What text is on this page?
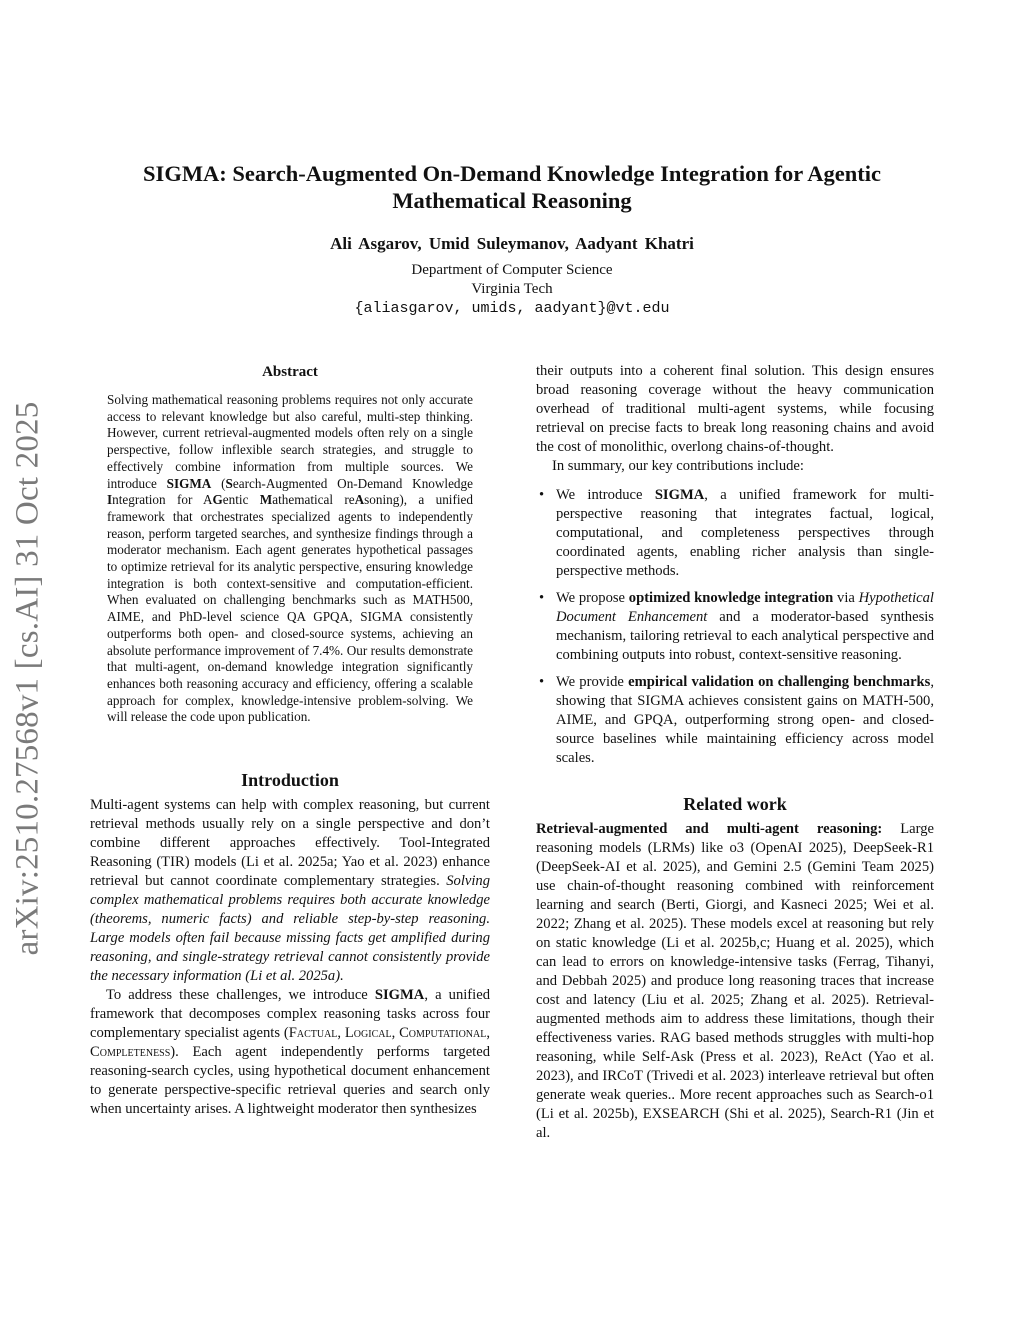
arXiv:2510.27568v1 [cs.AI] 31 Oct 2025
SIGMA: Search-Augmented On-Demand Knowledge Integration for Agentic
Mathematical Reasoning
Ali Asgarov, Umid Suleymanov, Aadyant Khatri
Department of Computer Science
Virginia Tech
{aliasgarov, umids, aadyant}@vt.edu
Abstract

Solving mathematical reasoning problems requires not only accurate access to relevant knowledge but also careful, multi-step thinking. However, current retrieval-augmented models often rely on a single perspective, follow inflexible search strategies, and struggle to effectively combine information from multiple sources. We introduce SIGMA (Search-Augmented On-Demand Knowledge Integration for AGentic Mathematical reAsoning), a unified framework that orchestrates specialized agents to independently reason, perform targeted searches, and synthesize findings through a moderator mechanism. Each agent generates hypothetical passages to optimize retrieval for its analytic perspective, ensuring knowledge integration is both context-sensitive and computation-efficient. When evaluated on challenging benchmarks such as MATH500, AIME, and PhD-level science QA GPQA, SIGMA consistently outperforms both open- and closed-source systems, achieving an absolute performance improvement of 7.4%. Our results demonstrate that multi-agent, on-demand knowledge integration significantly enhances both reasoning accuracy and efficiency, offering a scalable approach for complex, knowledge-intensive problem-solving. We will release the code upon publication.

Introduction

Multi-agent systems can help with complex reasoning, but current retrieval methods usually rely on a single perspective and don’t combine different approaches effectively. Tool-Integrated Reasoning (TIR) models (Li et al. 2025a; Yao et al. 2023) enhance retrieval but cannot coordinate complementary strategies. Solving complex mathematical problems requires both accurate knowledge (theorems, numeric facts) and reliable step-by-step reasoning. Large models often fail because missing facts get amplified during reasoning, and single-strategy retrieval cannot consistently provide the necessary information (Li et al. 2025a).

To address these challenges, we introduce SIGMA, a unified framework that decomposes complex reasoning tasks across four complementary specialist agents (Factual, Logical, Computational, Completeness). Each agent independently performs targeted reasoning-search cycles, using hypothetical document enhancement to generate perspective-specific retrieval queries and search only when uncertainty arises. A lightweight moderator then synthesizes

their outputs into a coherent final solution. This design ensures broad reasoning coverage without the heavy communication overhead of traditional multi-agent systems, while focusing retrieval on precise facts to break long reasoning chains and avoid the cost of monolithic, overlong chains-of-thought.

In summary, our key contributions include:

• We introduce SIGMA, a unified framework for multi-perspective reasoning that integrates factual, logical, computational, and completeness perspectives through coordinated agents, enabling richer analysis than single-perspective methods.
• We propose optimized knowledge integration via Hypothetical Document Enhancement and a moderator-based synthesis mechanism, tailoring retrieval to each analytical perspective and combining outputs into robust, context-sensitive reasoning.
• We provide empirical validation on challenging benchmarks, showing that SIGMA achieves consistent gains on MATH-500, AIME, and GPQA, outperforming strong open- and closed-source baselines while maintaining efficiency across model scales.
Related work

Retrieval-augmented and multi-agent reasoning: Large reasoning models (LRMs) like o3 (OpenAI 2025), DeepSeek-R1 (DeepSeek-AI et al. 2025), and Gemini 2.5 (Gemini Team 2025) use chain-of-thought reasoning combined with reinforcement learning and search (Berti, Giorgi, and Kasneci 2025; Wei et al. 2022; Zhang et al. 2025). These models excel at reasoning but rely on static knowledge (Li et al. 2025b,c; Huang et al. 2025), which can lead to errors on knowledge-intensive tasks (Ferrag, Tihanyi, and Debbah 2025) and produce long reasoning traces that increase cost and latency (Liu et al. 2025; Zhang et al. 2025). Retrieval-augmented methods aim to address these limitations, though their effectiveness varies. RAG based methods struggles with multi-hop reasoning, while Self-Ask (Press et al. 2023), ReAct (Yao et al. 2023), and IRCoT (Trivedi et al. 2023) interleave retrieval but often generate weak queries.. More recent approaches such as Search-o1 (Li et al. 2025b), EXSEARCH (Shi et al. 2025), Search-R1 (Jin et al.
